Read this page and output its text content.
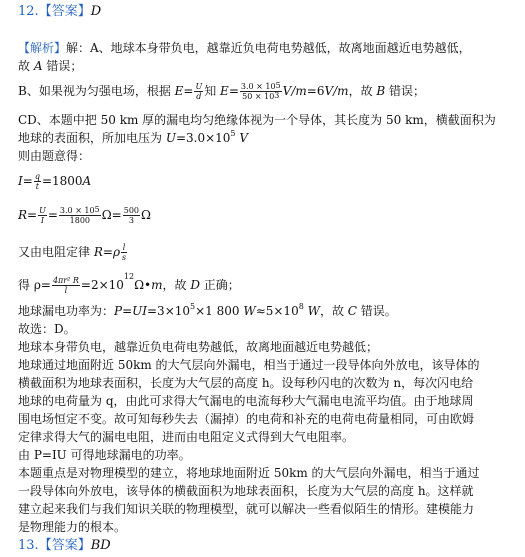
12.【答案】D
【解析】解：A、地球本身带负电，越靠近负电荷电势越低，故离地面越近电势越低，
故 A 错误；
B、如果视为匀强电场，根据 $E= \frac{U}{d}$ 知 $E= \frac{3.0 \times 10^5}{50 \times 10^3} V/m=6V/m$，故 B 错误；
CD、本题中把 50 km 厚的漏电均匀绝缘体视为一个导体，其长度为 50 km，横截面积为
地球的表面积，所加电压为 $U=3.0\times 10^5$ V
则由题意得：
$I= \frac{q}{t} =1800A$
$R= \frac{U}{I} = \frac{3.0 \times 10^5}{1800} \Omega= \frac{500}{3}$ Ω
又由电阻定律 $R=\rho \frac{l}{s}$
得 $\rho= \frac{\text{4πr² R}}{l}$ $=2\times 10^{12}\Omega•m$，故 D 正确；
地球漏电功率为：$P=UI=3\times 10^5\times 1$ 800 $W\approx 5\times 10^8$ W，故 C 错误。
故选：D。
地球本身带负电，越靠近负电荷电势越低，故离地面越近电势越低；
地球通过地面附近 50km 的大气层向外漏电，相当于通过一段导体向外放电，该导体的
横截面积为地球表面积，长度为大气层的高度 h。设每秒闪电的次数为 n，每次闪电给
地球的电荷量为 q，由此可求得大气漏电的电流每秒大气漏电电流平均值。由于地球周
围电场恒定不变。故可知每秒失去（漏掉）的电荷和补充的电荷电荷量相同，可由欧姆
定律求得大气的漏电电阻，进而由电阻定义式得到大气电阻率。
由 P=IU 可得地球漏电的功率。
本题重点是对物理模型的建立，将地球地面附近 50km 的大气层向外漏电，相当于通过
一段导体向外放电，该导体的横截面积为地球表面积，长度为大气层的高度 h。这样就
建立起来我们与我们知识关联的物理模型，就可以解决一些看似陌生的情形。建模能力
是物理能力的根本。
13.【答案】BD
